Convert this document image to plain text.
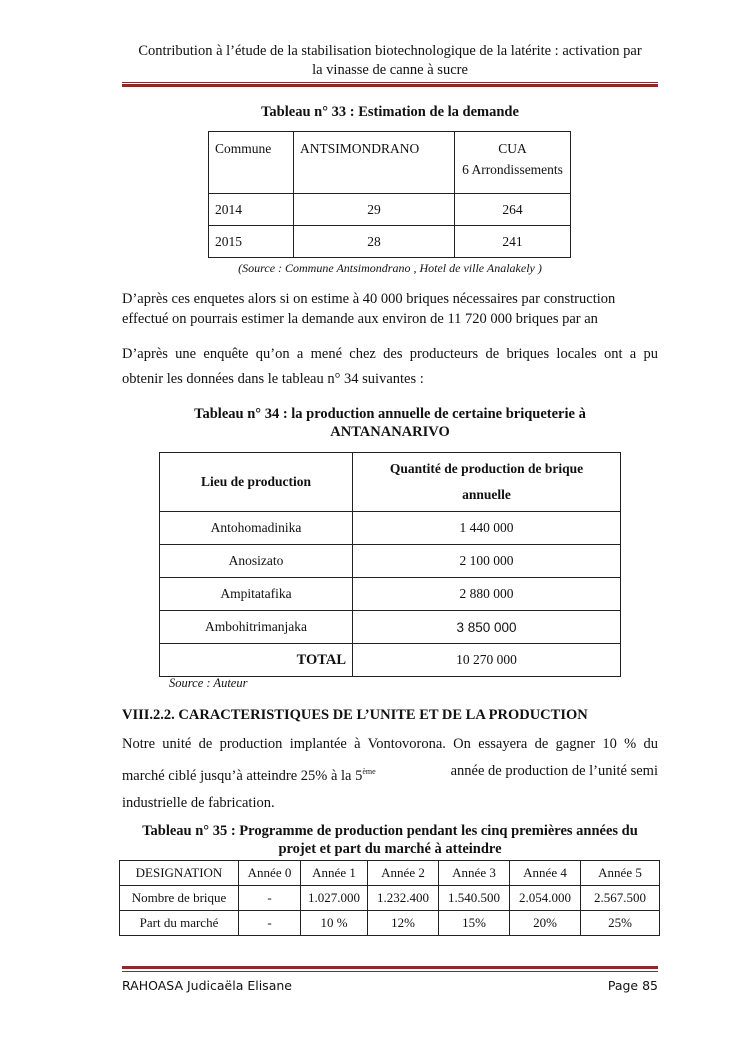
Contribution à l’étude de la stabilisation biotechnologique de la latérite : activation par
la vinasse de canne à sucre
Tableau n° 33 : Estimation de la demande
Commune	ANTSIMONDRANO	CUA
6 Arrondissements

2014	29	264
2015	28	241
(Source : Commune Antsimondrano , Hotel de ville Analakely )
D’après ces enquetes alors si on estime à 40 000 briques nécessaires par construction
effectué on pourrais estimer la demande aux environ de 11 720 000 briques par an
D’après une enquête qu’on a mené chez des producteurs de briques locales ont a pu
obtenir les données dans le tableau n° 34 suivantes :
Tableau n° 34 : la production annuelle de certaine briqueterie à
ANTANANARIVO
Lieu de production	Quantité de production de brique
annuelle

Antohomadinika	1 440 000
Anosizato	2 100 000
Ampitatafika	2 880 000
Ambohitrimanjaka	3 850 000
TOTAL	10 270 000
Source : Auteur
VIII.2.2. CARACTERISTIQUES DE L’UNITE ET DE LA PRODUCTION
Notre unité de production implantée à Vontovorona. On essayera de gagner 10 % du
marché ciblé jusqu’à atteindre 25% à la 5ème	année de production de l’unité semi
industrielle de fabrication.
Tableau n° 35 : Programme de production pendant les cinq premières années du
projet et part du marché à atteindre
DESIGNATION	Année 0	Année 1	Année 2	Année 3	Année 4	Année 5
Nombre de brique	-	1.027.000	1.232.400	1.540.500	2.054.000	2.567.500
Part du marché	-	10 %	12%	15%	20%	25%
RAHOASA Judicaëla Elisane	Page 85
